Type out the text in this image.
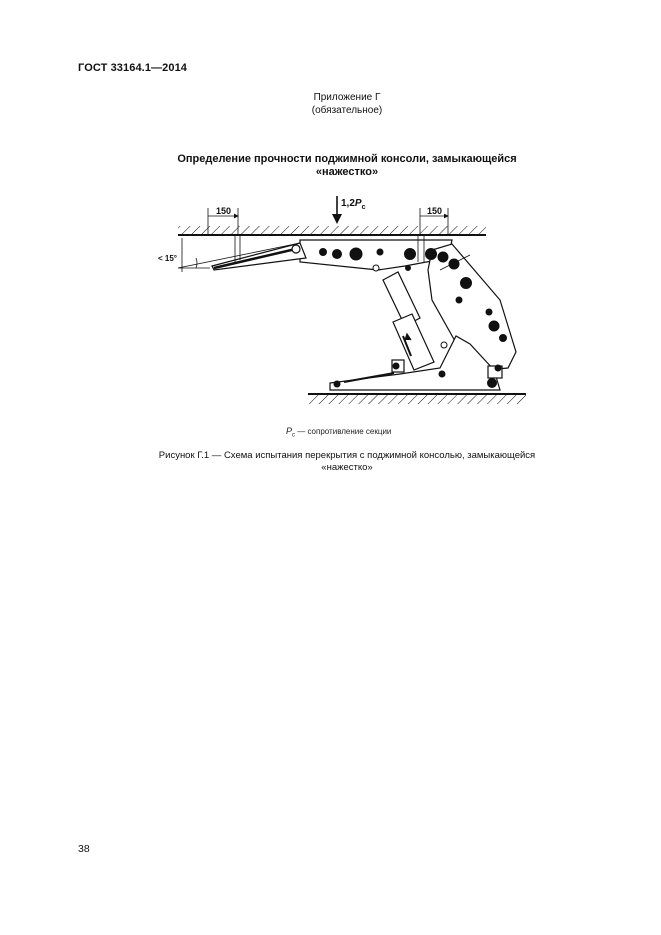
ГОСТ 33164.1—2014
Приложение Г
(обязательное)
Определение прочности поджимной консоли, замыкающейся
«нажестко»
150	150
$1,2P_c$
< 15°
$P_c$ — сопротивление секции
Рисунок Г.1 — Схема испытания перекрытия с поджимной консолью, замыкающейся
«нажестко»
38
